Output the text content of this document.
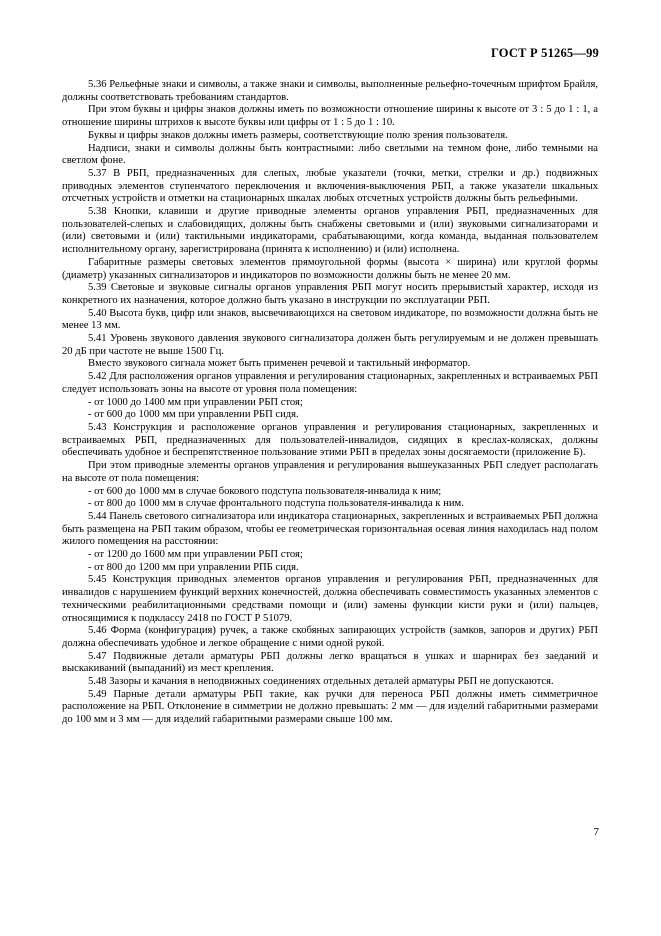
ГОСТ Р 51265—99

5.36 Рельефные знаки и символы, а также знаки и символы, выполненные рельефно-точечным шрифтом Брайля, должны соответствовать требованиям стандартов.

При этом буквы и цифры знаков должны иметь по возможности отношение ширины к высоте от 3 : 5 до 1 : 1, а отношение ширины штрихов к высоте буквы или цифры от 1 : 5 до 1 : 10.

Буквы и цифры знаков должны иметь размеры, соответствующие полю зрения пользователя.

Надписи, знаки и символы должны быть контрастными: либо светлыми на темном фоне, либо темными на светлом фоне.

5.37 В РБП, предназначенных для слепых, любые указатели (точки, метки, стрелки и др.) подвижных приводных элементов ступенчатого переключения и включения-выключения РБП, а также указатели шкальных отсчетных устройств и отметки на стационарных шкалах любых отсчетных устройств должны быть рельефными.

5.38 Кнопки, клавиши и другие приводные элементы органов управления РБП, предназначенных для пользователей-слепых и слабовидящих, должны быть снабжены световыми и (или) звуковыми сигнализаторами и (или) световыми и (или) тактильными индикаторами, срабатывающими, когда команда, выданная пользователем исполнительному органу, зарегистрирована (принята к исполнению) и (или) исполнена.

Габаритные размеры световых элементов прямоугольной формы (высота × ширина) или круглой формы (диаметр) указанных сигнализаторов и индикаторов по возможности должны быть не менее 20 мм.

5.39 Световые и звуковые сигналы органов управления РБП могут носить прерывистый характер, исходя из конкретного их назначения, которое должно быть указано в инструкции по эксплуатации РБП.

5.40 Высота букв, цифр или знаков, высвечивающихся на световом индикаторе, по возможности должна быть не менее 13 мм.

5.41 Уровень звукового давления звукового сигнализатора должен быть регулируемым и не должен превышать 20 дБ при частоте не выше 1500 Гц.

Вместо звукового сигнала может быть применен речевой и тактильный информатор.

5.42 Для расположения органов управления и регулирования стационарных, закрепленных и встраиваемых РБП следует использовать зоны на высоте от уровня пола помещения:

- от 1000 до 1400 мм при управлении РБП стоя;

- от 600 до 1000 мм при управлении РБП сидя.

5.43 Конструкция и расположение органов управления и регулирования стационарных, закрепленных и встраиваемых РБП, предназначенных для пользователей-инвалидов, сидящих в креслах-колясках, должны обеспечивать удобное и беспрепятственное пользование этими РБП в пределах зоны досягаемости (приложение Б).

При этом приводные элементы органов управления и регулирования вышеуказанных РБП следует располагать на высоте от пола помещения:

- от 600 до 1000 мм в случае бокового подступа пользователя-инвалида к ним;

- от 800 до 1000 мм в случае фронтального подступа пользователя-инвалида к ним.

5.44 Панель светового сигнализатора или индикатора стационарных, закрепленных и встраиваемых РБП должна быть размещена на РБП таким образом, чтобы ее геометрическая горизонтальная осевая линия находилась над полом жилого помещения на расстоянии:

- от 1200 до 1600 мм при управлении РБП стоя;

- от 800 до 1200 мм при управлении РПБ сидя.

5.45 Конструкция приводных элементов органов управления и регулирования РБП, предназначенных для инвалидов с нарушением функций верхних конечностей, должна обеспечивать совместимость указанных элементов с техническими реабилитационными средствами помощи и (или) замены функции кисти руки и (или) пальцев, относящимися к подклассу 2418 по ГОСТ Р 51079.

5.46 Форма (конфигурация) ручек, а также скобяных запирающих устройств (замков, запоров и других) РБП должна обеспечивать удобное и легкое обращение с ними одной рукой.

5.47 Подвижные детали арматуры РБП должны легко вращаться в ушках и шарнирах без заеданий и выскакиваний (выпаданий) из мест крепления.

5.48 Зазоры и качания в неподвижных соединениях отдельных деталей арматуры РБП не допускаются.

5.49 Парные детали арматуры РБП такие, как ручки для переноса РБП должны иметь симметричное расположение на РБП. Отклонение в симметрии не должно превышать: 2 мм — для изделий габаритными размерами до 100 мм и 3 мм — для изделий габаритными размерами свыше 100 мм.

7
